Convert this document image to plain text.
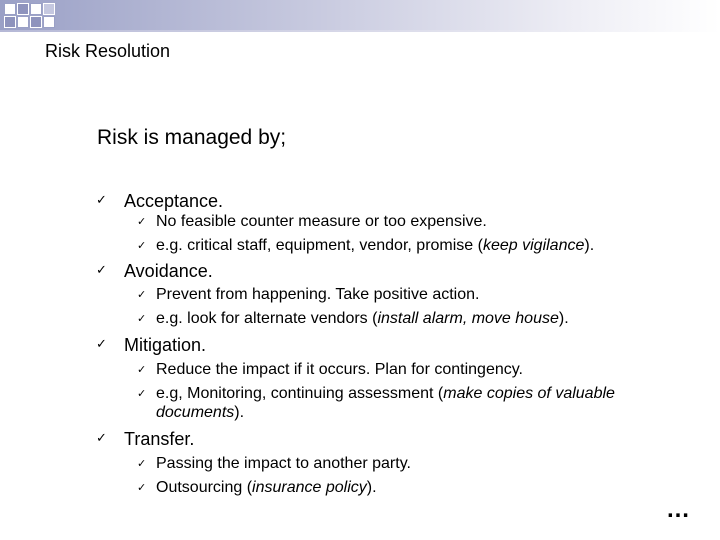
Risk Resolution
Risk is managed by;
✓ Acceptance.
✓ No feasible counter measure or too expensive.
✓ e.g. critical staff, equipment, vendor, promise (keep vigilance).
✓ Avoidance.
✓ Prevent from happening. Take positive action.
✓ e.g. look for alternate vendors (install alarm, move house).
✓ Mitigation.
✓ Reduce the impact if it occurs. Plan for contingency.
✓ e.g, Monitoring, continuing assessment (make copies of valuable documents).
✓ Transfer.
✓ Passing the impact to another party.
✓ Outsourcing (insurance policy).
…
